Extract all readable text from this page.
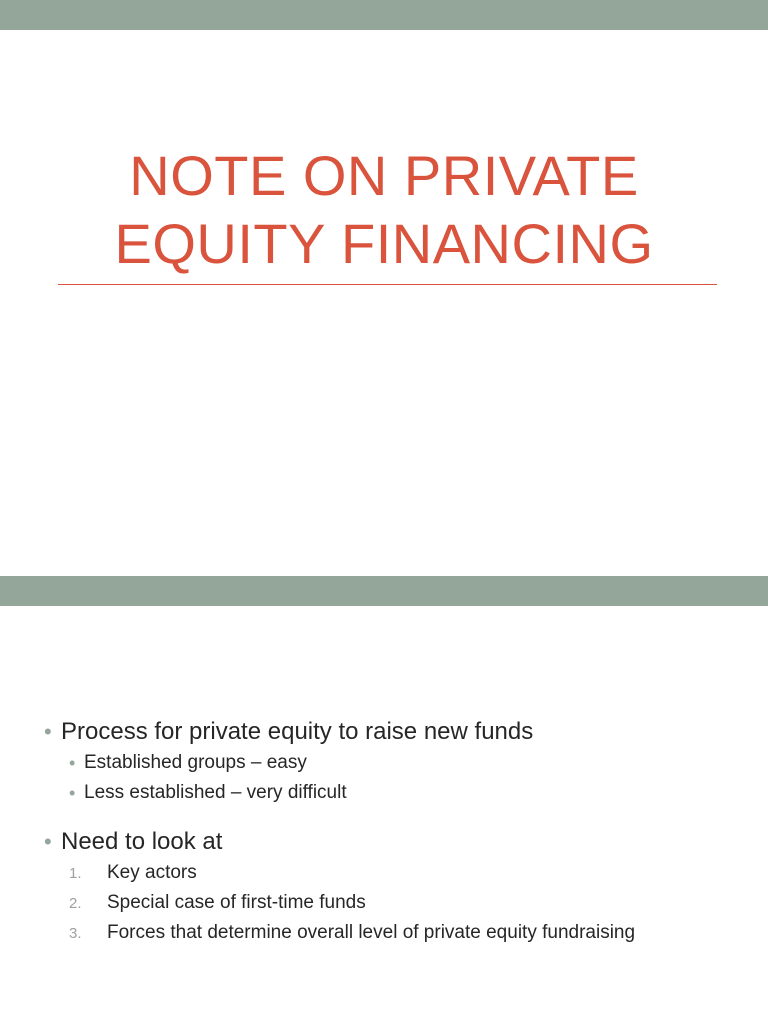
NOTE ON PRIVATE
EQUITY FINANCING

• Process for private equity to raise new funds

• Established groups – easy

• Less established – very difficult

• Need to look at

1. Key actors

2. Special case of first-time funds

3. Forces that determine overall level of private equity fundraising
